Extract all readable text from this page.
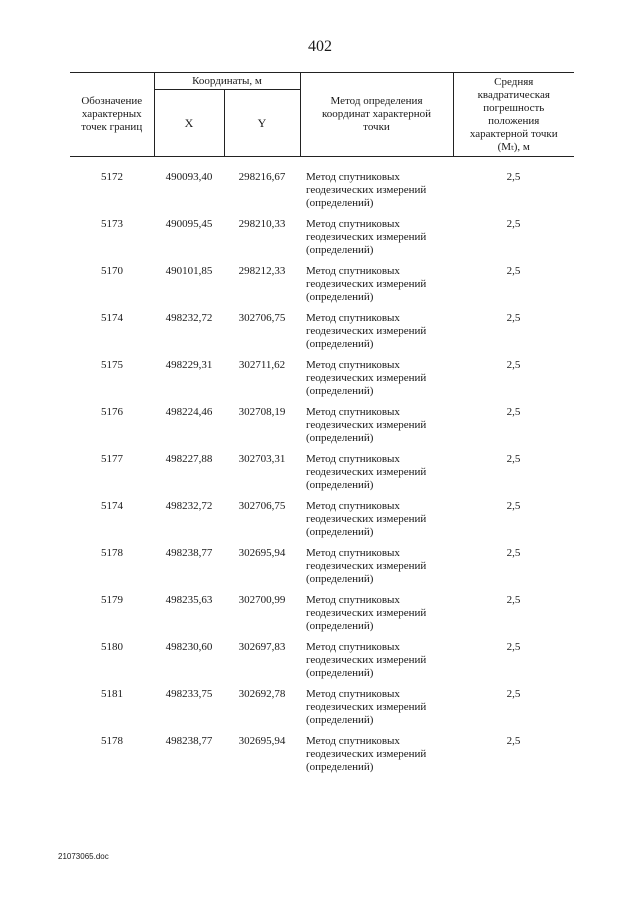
402
Обозначение характерных точек границ	Координаты, м		Метод определения координат характерной точки	Средняя квадратическая погрешность положения характерной точки (Mₜ), м
	X	Y		
5172	490093,40	298216,67	Метод спутниковых геодезических измерений (определений)	2,5
5173	490095,45	298210,33	Метод спутниковых геодезических измерений (определений)	2,5
5170	490101,85	298212,33	Метод спутниковых геодезических измерений (определений)	2,5
5174	498232,72	302706,75	Метод спутниковых геодезических измерений (определений)	2,5
5175	498229,31	302711,62	Метод спутниковых геодезических измерений (определений)	2,5
5176	498224,46	302708,19	Метод спутниковых геодезических измерений (определений)	2,5
5177	498227,88	302703,31	Метод спутниковых геодезических измерений (определений)	2,5
5174	498232,72	302706,75	Метод спутниковых геодезических измерений (определений)	2,5
5178	498238,77	302695,94	Метод спутниковых геодезических измерений (определений)	2,5
5179	498235,63	302700,99	Метод спутниковых геодезических измерений (определений)	2,5
5180	498230,60	302697,83	Метод спутниковых геодезических измерений (определений)	2,5
5181	498233,75	302692,78	Метод спутниковых геодезических измерений (определений)	2,5
5178	498238,77	302695,94	Метод спутниковых геодезических измерений (определений)	2,5
21073065.doc
